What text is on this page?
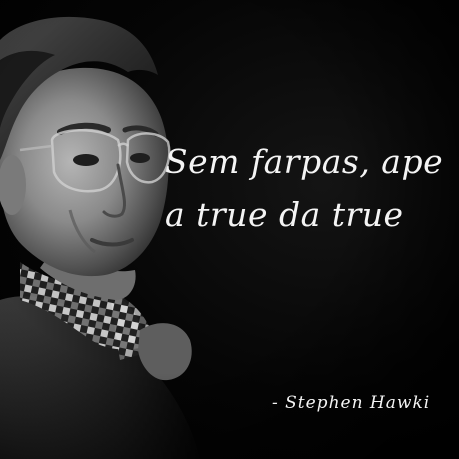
Sem farpas, ape

a true da true

- Stephen Hawki
